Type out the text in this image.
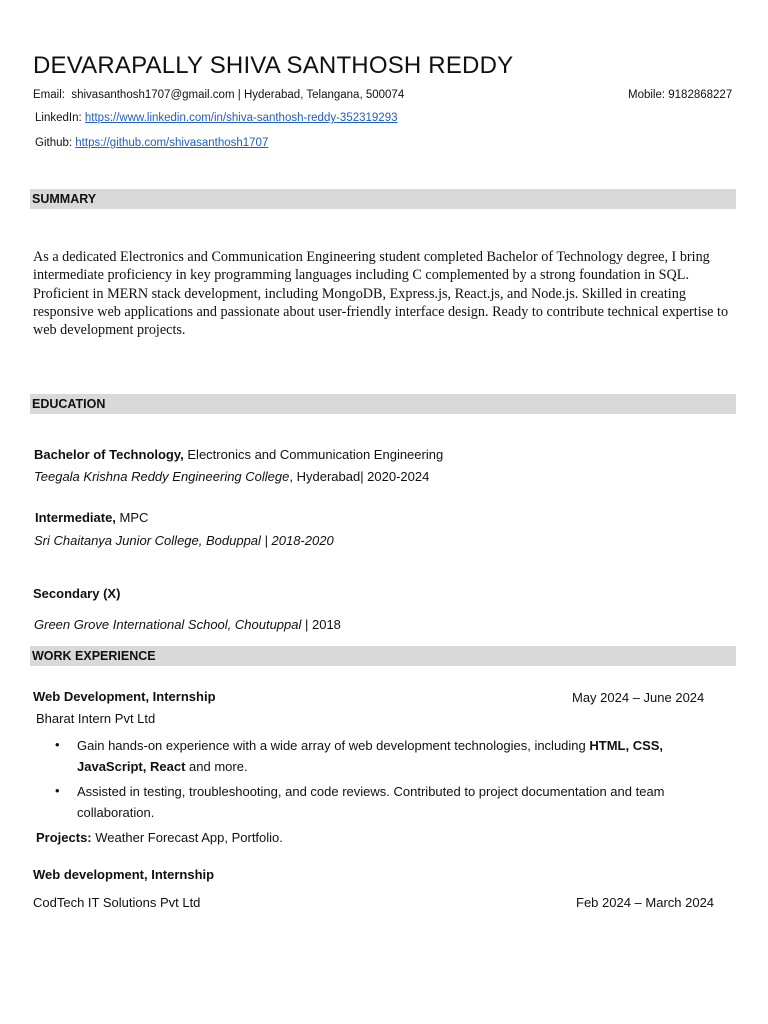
DEVARAPALLY SHIVA SANTHOSH REDDY
Email: shivasanthosh1707@gmail.com | Hyderabad, Telangana, 500074	Mobile: 9182868227
LinkedIn: https://www.linkedin.com/in/shiva-santhosh-reddy-352319293
Github: https://github.com/shivasanthosh1707
SUMMARY
As a dedicated Electronics and Communication Engineering student completed Bachelor of Technology degree, I bring intermediate proficiency in key programming languages including C complemented by a strong foundation in SQL. Proficient in MERN stack development, including MongoDB, Express.js, React.js, and Node.js. Skilled in creating responsive web applications and passionate about user-friendly interface design. Ready to contribute technical expertise to web development projects.
EDUCATION
Bachelor of Technology, Electronics and Communication Engineering
Teegala Krishna Reddy Engineering College, Hyderabad| 2020-2024
Intermediate, MPC
Sri Chaitanya Junior College, Boduppal | 2018-2020
Secondary (X)
Green Grove International School, Choutuppal | 2018
WORK EXPERIENCE
Web Development, Internship	May 2024 – June 2024
Bharat Intern Pvt Ltd
• Gain hands-on experience with a wide array of web development technologies, including HTML, CSS, JavaScript, React and more.
• Assisted in testing, troubleshooting, and code reviews. Contributed to project documentation and team collaboration.
Projects: Weather Forecast App, Portfolio.
Web development, Internship
CodTech IT Solutions Pvt Ltd	Feb 2024 – March 2024
